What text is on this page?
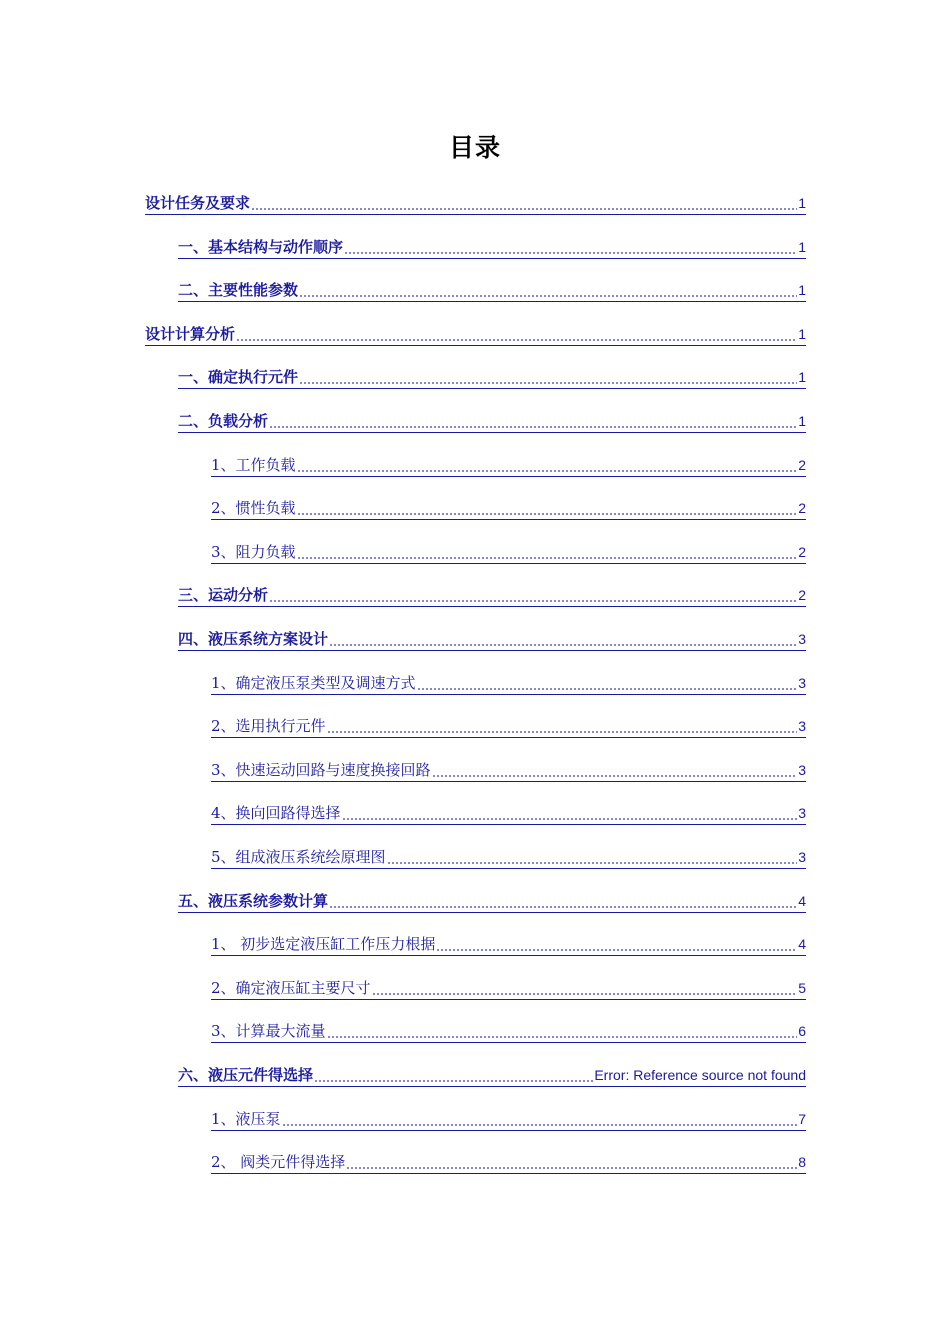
目录
设计任务及要求	1
一、基本结构与动作顺序	1
二、主要性能参数	1
设计计算分析	1
一、确定执行元件	1
二、负载分析	1
1、工作负载	2
2、惯性负载	2
3、阻力负载	2
三、运动分析	2
四、液压系统方案设计	3
1、确定液压泵类型及调速方式	3
2、选用执行元件	3
3、快速运动回路与速度换接回路	3
4、换向回路得选择	3
5、组成液压系统绘原理图	3
五、液压系统参数计算	4
1、 初步选定液压缸工作压力根据	4
2、确定液压缸主要尺寸	5
3、计算最大流量	6
六、液压元件得选择	Error: Reference source not found
1、液压泵	7
2、 阀类元件得选择	8
